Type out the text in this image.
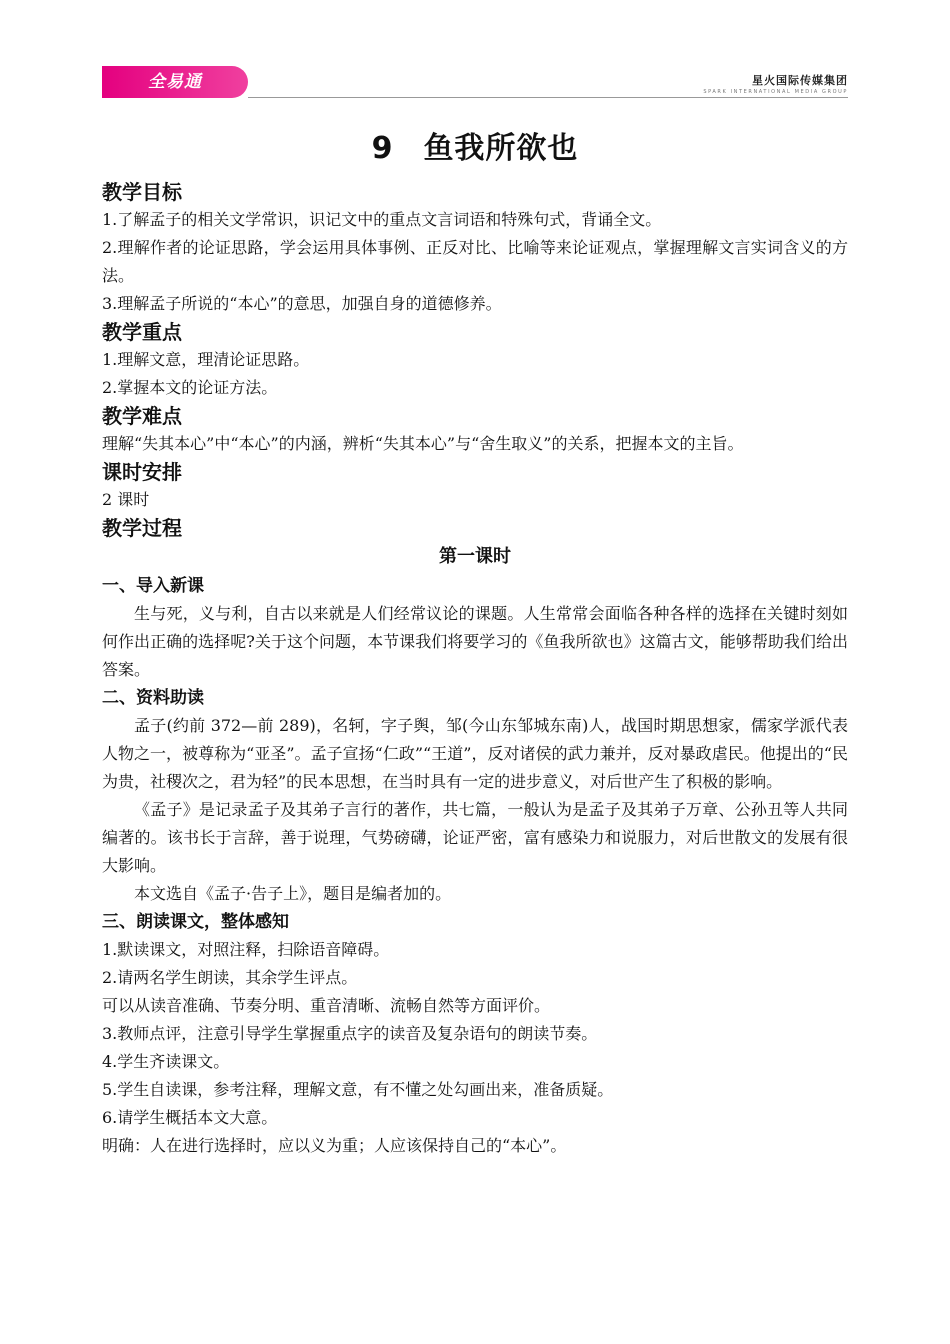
全易通	星火国际传媒集团
SPARK INTERNATIONAL MEDIA GROUP
9 鱼我所欲也
教学目标
1.了解孟子的相关文学常识，识记文中的重点文言词语和特殊句式，背诵全文。
2.理解作者的论证思路，学会运用具体事例、正反对比、比喻等来论证观点，掌握理解文言实词含义的方法。
3.理解孟子所说的“本心”的意思，加强自身的道德修养。
教学重点
1.理解文意，理清论证思路。
2.掌握本文的论证方法。
教学难点
理解“失其本心”中“本心”的内涵，辨析“失其本心”与“舍生取义”的关系，把握本文的主旨。
课时安排
2 课时
教学过程
第一课时
一、导入新课
生与死，义与利，自古以来就是人们经常议论的课题。人生常常会面临各种各样的选择在关键时刻如何作出正确的选择呢?关于这个问题，本节课我们将要学习的《鱼我所欲也》这篇古文，能够帮助我们给出答案。
二、资料助读
孟子(约前 372—前 289)，名轲，字子舆，邹(今山东邹城东南)人，战国时期思想家，儒家学派代表人物之一，被尊称为“亚圣”。孟子宣扬“仁政”“王道”，反对诸侯的武力兼并，反对暴政虐民。他提出的“民为贵，社稷次之，君为轻”的民本思想，在当时具有一定的进步意义，对后世产生了积极的影响。
《孟子》是记录孟子及其弟子言行的著作，共七篇，一般认为是孟子及其弟子万章、公孙丑等人共同编著的。该书长于言辞，善于说理，气势磅礴，论证严密，富有感染力和说服力，对后世散文的发展有很大影响。
本文选自《孟子·告子上》，题目是编者加的。
三、朗读课文，整体感知
1.默读课文，对照注释，扫除语音障碍。
2.请两名学生朗读，其余学生评点。
可以从读音准确、节奏分明、重音清晰、流畅自然等方面评价。
3.教师点评，注意引导学生掌握重点字的读音及复杂语句的朗读节奏。
4.学生齐读课文。
5.学生自读课，参考注释，理解文意，有不懂之处勾画出来，准备质疑。
6.请学生概括本文大意。
明确：人在进行选择时，应以义为重；人应该保持自己的“本心”。
